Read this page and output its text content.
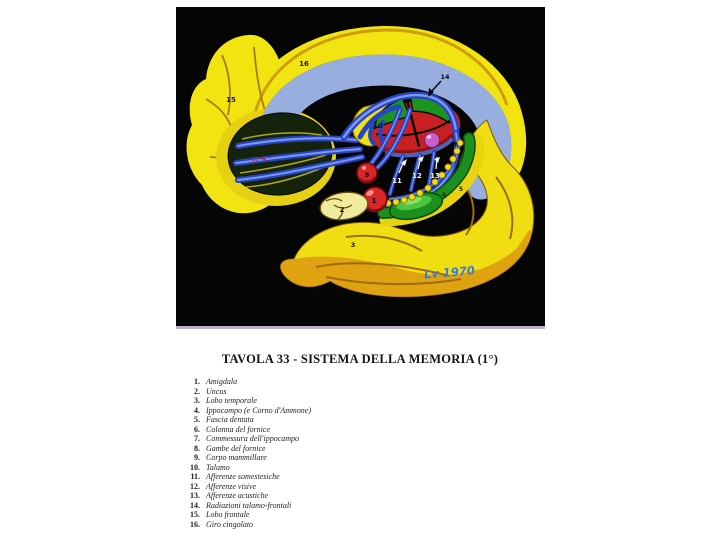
9
1
2
3
15
16
10
6
4
5
14
11
12 13
13
Lv 1970
TAVOLA 33 - SISTEMA DELLA MEMORIA (1°)
1. Amigdala
2. Uncus
3. Lobo temporale
4. Ippocampo (e Corno d'Ammone)
5. Fascia dentata
6. Colonna del fornice
7. Commessura dell'ippocampo
8. Gambe del fornice
9. Corpo mammillare
10. Talamo
11. Afferenze somestesiche
12. Afferenze visive
13. Afferenze acustiche
14. Radiazioni talamo-frontali
15. Lobo frontale
16. Giro cingolato
